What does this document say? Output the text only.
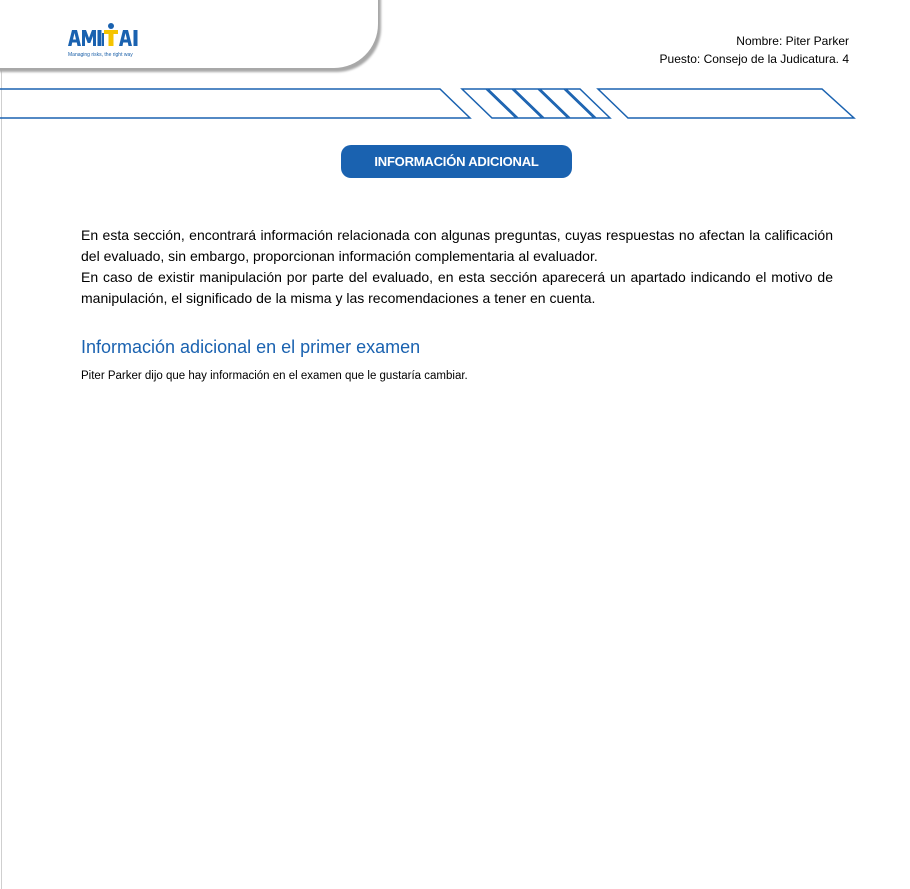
Managing risks, the right way
Nombre: Piter Parker
Puesto: Consejo de la Judicatura. 4
INFORMACIÓN ADICIONAL

En esta sección, encontrará información relacionada con algunas preguntas, cuyas respuestas no afectan la calificación del evaluado, sin embargo, proporcionan información complementaria al evaluador.

En caso de existir manipulación por parte del evaluado, en esta sección aparecerá un apartado indicando el motivo de manipulación, el significado de la misma y las recomendaciones a tener en cuenta.

Información adicional en el primer examen
Piter Parker dijo que hay información en el examen que le gustaría cambiar.
